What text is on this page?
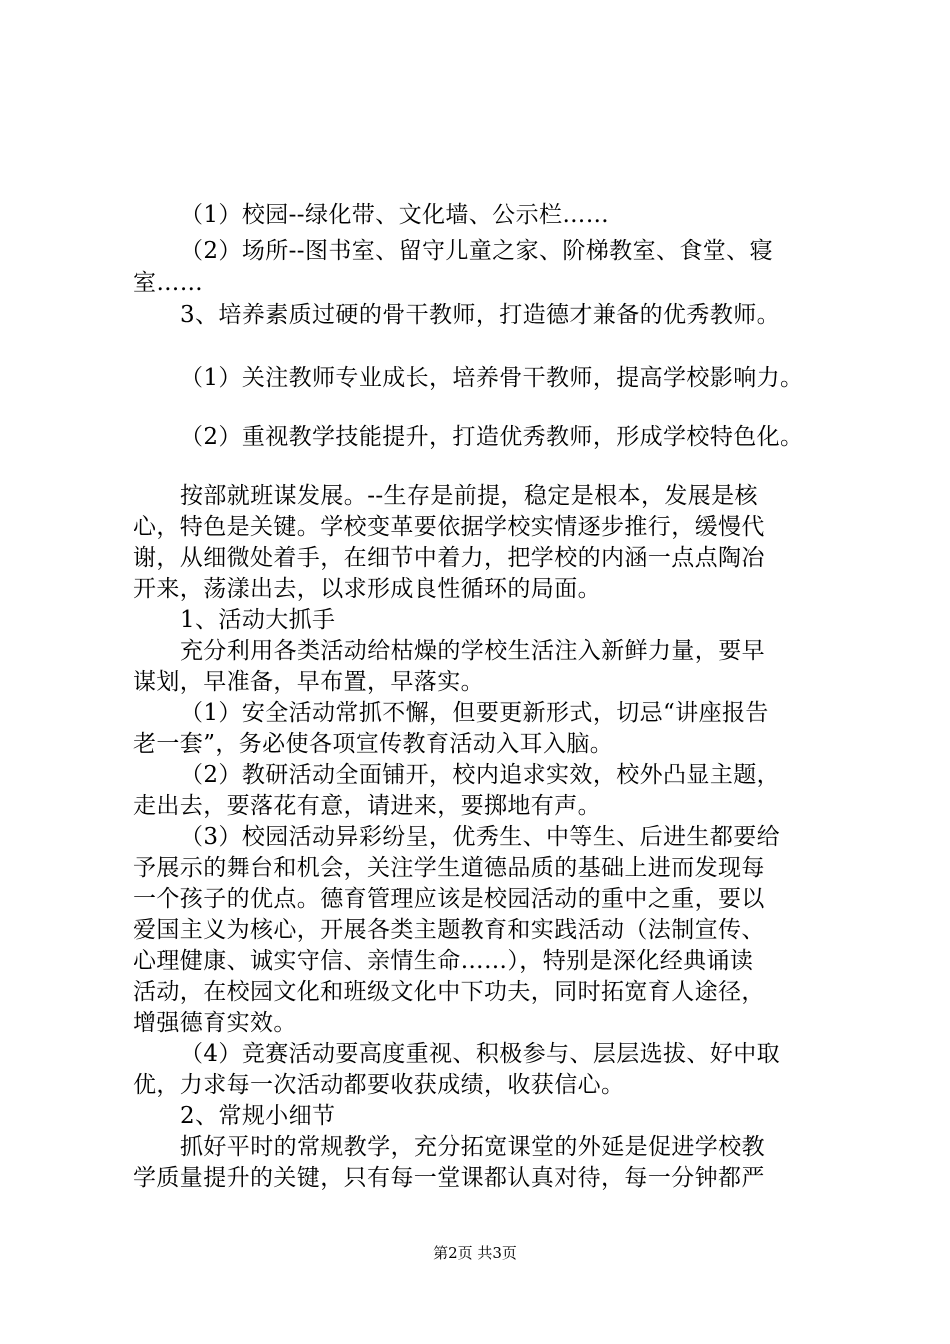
（1）校园--绿化带、文化墙、公示栏……
（2）场所--图书室、留守儿童之家、阶梯教室、食堂、寝
室……
3、培养素质过硬的骨干教师，打造德才兼备的优秀教师。
（1）关注教师专业成长，培养骨干教师，提高学校影响力。
（2）重视教学技能提升，打造优秀教师，形成学校特色化。
按部就班谋发展。--生存是前提，稳定是根本，发展是核
心，特色是关键。学校变革要依据学校实情逐步推行，缓慢代
谢，从细微处着手，在细节中着力，把学校的内涵一点点陶冶
开来，荡漾出去，以求形成良性循环的局面。
1、活动大抓手
充分利用各类活动给枯燥的学校生活注入新鲜力量，要早
谋划，早准备，早布置，早落实。
（1）安全活动常抓不懈，但要更新形式，切忌“讲座报告
老一套”，务必使各项宣传教育活动入耳入脑。
（2）教研活动全面铺开，校内追求实效，校外凸显主题，
走出去，要落花有意，请进来，要掷地有声。
（3）校园活动异彩纷呈，优秀生、中等生、后进生都要给
予展示的舞台和机会，关注学生道德品质的基础上进而发现每
一个孩子的优点。德育管理应该是校园活动的重中之重，要以
爱国主义为核心，开展各类主题教育和实践活动（法制宣传、
心理健康、诚实守信、亲情生命……），特别是深化经典诵读
活动，在校园文化和班级文化中下功夫，同时拓宽育人途径，
增强德育实效。
（4）竞赛活动要高度重视、积极参与、层层选拔、好中取
优，力求每一次活动都要收获成绩，收获信心。
2、常规小细节
抓好平时的常规教学，充分拓宽课堂的外延是促进学校教
学质量提升的关键，只有每一堂课都认真对待，每一分钟都严
第2页 共3页
